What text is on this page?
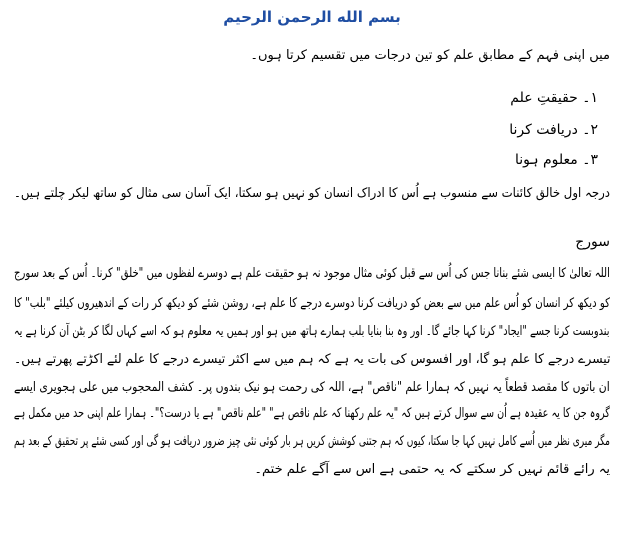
بسم الله الرحمن الرحیم
میں اپنی فہم کے مطابق علم کو تین درجات میں تقسیم کرتا ہوں۔
۱۔ حقیقتِ علم
۲۔ دریافت کرنا
۳۔ معلوم ہونا
درجہ اول خالق کائنات سے منسوب ہے اُس کا ادراک انسان کو نہیں ہو سکتا، ایک آسان سی مثال کو ساتھ لیکر چلتے ہیں۔
سورج
اللہ تعالیٰ کا ایسی شئے بنانا جس کی اُس سے قبل کوئی مثال موجود نہ ہو حقیقت علم ہے دوسرے لفظوں میں "خلق" کرنا۔ اُس کے بعد سورج
کو دیکھ کر انسان کو اُس علم میں سے بعض کو دریافت کرنا دوسرے درجے کا علم ہے، روشن شئے کو دیکھ کر رات کے اندھیروں کیلئے "بلب" کا
بندوبست کرنا جسے "ایجاد" کرنا کہا جائے گا۔ اور وہ بنا بنایا بلب ہمارے ہاتھ میں ہو اور ہمیں یہ معلوم ہو کہ اسے کہاں لگا کر بٹن آن کرنا ہے یہ
تیسرے درجے کا علم ہو گا، اور افسوس کی بات یہ ہے کہ ہم میں سے اکثر تیسرے درجے کا علم لئے اکڑتے پھرتے ہیں۔
ان باتوں کا مقصد قطعاً یہ نہیں کہ ہمارا علم "ناقص" ہے، اللہ کی رحمت ہو نیک بندوں پر۔ کشف المحجوب میں علی ہجویری ایسے
گروہ جن کا یہ عقیدہ ہے اُن سے سوال کرتے ہیں کہ "یہ علم رکھنا کہ علم ناقص ہے" "علم ناقص" ہے یا درست؟"۔ ہمارا علم اپنی حد میں مکمل ہے
مگر میری نظر میں اُسے کامل نہیں کہا جا سکتا، کیوں کہ ہم جتنی کوشش کریں ہر بار کوئی نئی چیز ضرور دریافت ہو گی اور کسی شئے پر تحقیق کے بعد ہم
یہ رائے قائم نہیں کر سکتے کہ یہ حتمی ہے اس سے آگے علم ختم۔
